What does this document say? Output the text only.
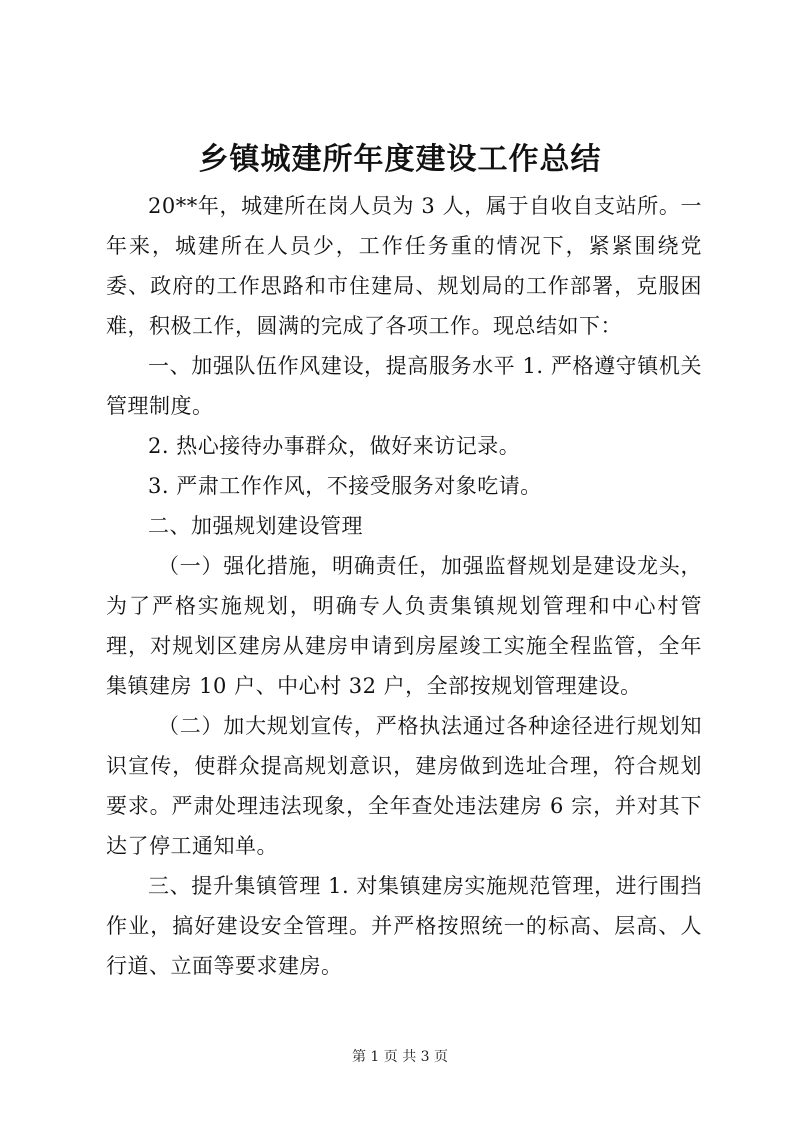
乡镇城建所年度建设工作总结

20**年，城建所在岗人员为 3 人，属于自收自支站所。一年来，城建所在人员少，工作任务重的情况下，紧紧围绕党委、政府的工作思路和市住建局、规划局的工作部署，克服困难，积极工作，圆满的完成了各项工作。现总结如下：

一、加强队伍作风建设，提高服务水平 1. 严格遵守镇机关管理制度。

2. 热心接待办事群众，做好来访记录。

3. 严肃工作作风，不接受服务对象吃请。

二、加强规划建设管理

（一）强化措施，明确责任，加强监督规划是建设龙头，为了严格实施规划，明确专人负责集镇规划管理和中心村管理，对规划区建房从建房申请到房屋竣工实施全程监管，全年集镇建房 10 户、中心村 32 户，全部按规划管理建设。

（二）加大规划宣传，严格执法通过各种途径进行规划知识宣传，使群众提高规划意识，建房做到选址合理，符合规划要求。严肃处理违法现象，全年查处违法建房 6 宗，并对其下达了停工通知单。

三、提升集镇管理 1. 对集镇建房实施规范管理，进行围挡作业，搞好建设安全管理。并严格按照统一的标高、层高、人行道、立面等要求建房。

第 1 页 共 3 页
